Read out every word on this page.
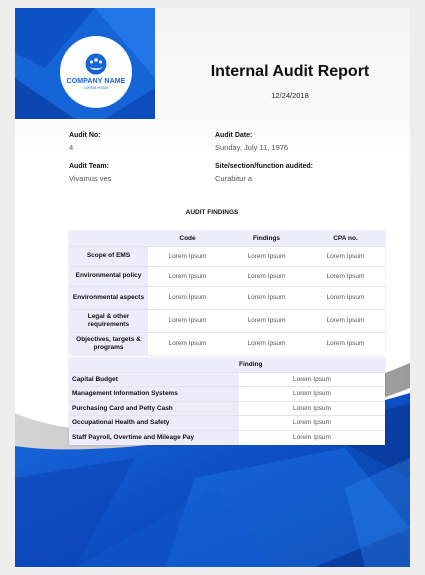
COMPANY NAME
LOREM IPSUM
Internal Audit Report
12/24/2018
Audit No:
4
Audit Date:
Sunday, July 11, 1976
Audit Team:
Vivamus ves
Site/section/function audited:
Curabitur a
AUDIT FINDINGS
	Code	Findings	CPA no.
Scope of EMS	Lorem Ipsum	Lorem Ipsum	Lorem Ipsum
Environmental policy	Lorem Ipsum	Lorem Ipsum	Lorem Ipsum
Environmental aspects	Lorem Ipsum	Lorem Ipsum	Lorem Ipsum
Legal & other requirements	Lorem Ipsum	Lorem Ipsum	Lorem Ipsum
Objectives, targets & programs	Lorem Ipsum	Lorem Ipsum	Lorem Ipsum
	Finding
Capital Budget	Lorem Ipsum
Management Information Systems	Lorem Ipsum
Purchasing Card and Petty Cash	Lorem Ipsum
Occupational Health and Safety	Lorem Ipsum
Staff Payroll, Overtime and Mileage Pay	Lorem Ipsum
